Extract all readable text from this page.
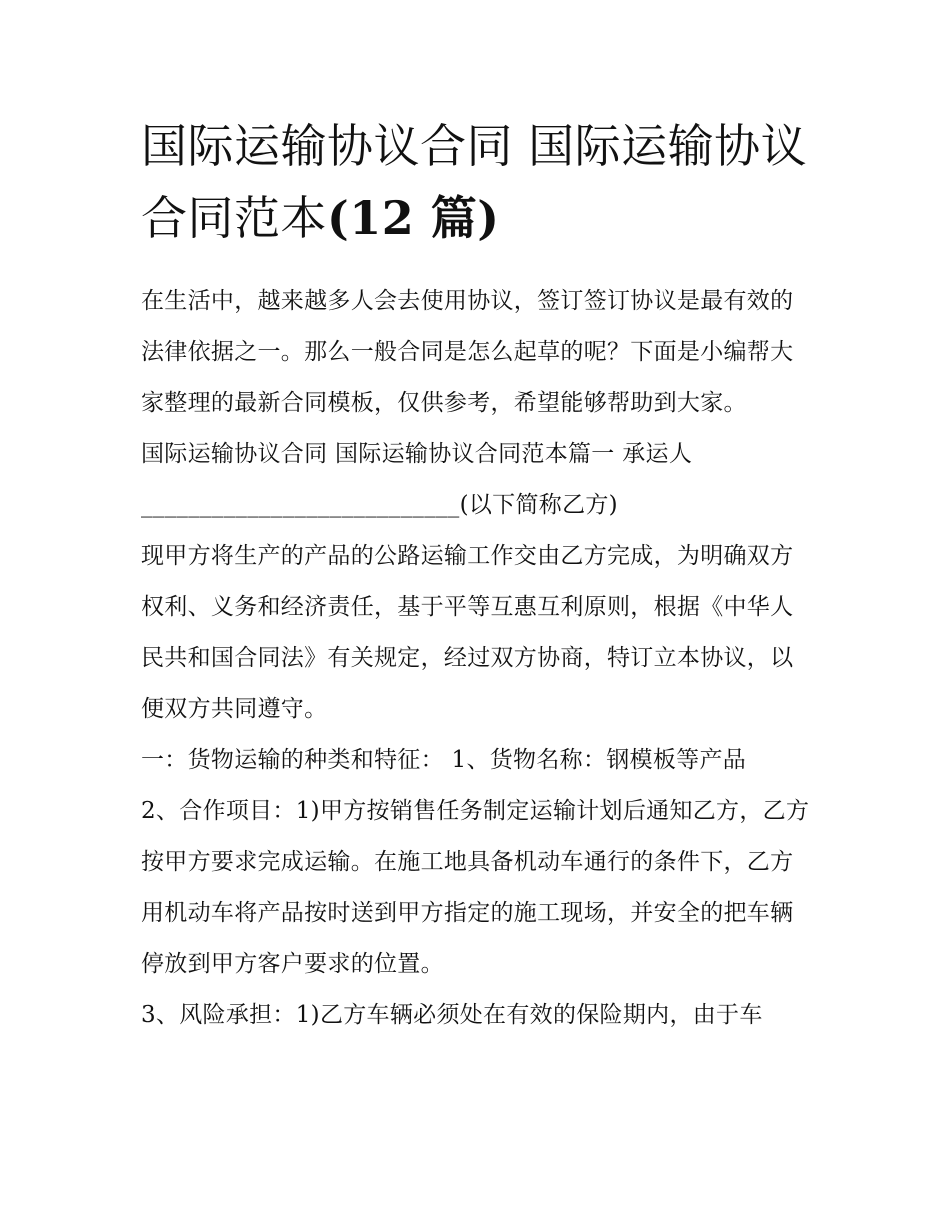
国际运输协议合同 国际运输协议合同范本(12 篇)

在生活中，越来越多人会去使用协议，签订签订协议是最有效的法律依据之一。那么一般合同是怎么起草的呢？下面是小编帮大家整理的最新合同模板，仅供参考，希望能够帮助到大家。

国际运输协议合同 国际运输协议合同范本篇一 承运人

___________________________(以下简称乙方)

现甲方将生产的产品的公路运输工作交由乙方完成，为明确双方权利、义务和经济责任，基于平等互惠互利原则，根据《中华人民共和国合同法》有关规定，经过双方协商，特订立本协议，以便双方共同遵守。

一：货物运输的种类和特征： 1、货物名称：钢模板等产品

2、合作项目：1)甲方按销售任务制定运输计划后通知乙方，乙方按甲方要求完成运输。在施工地具备机动车通行的条件下，乙方用机动车将产品按时送到甲方指定的施工现场，并安全的把车辆停放到甲方客户要求的位置。

3、风险承担：1)乙方车辆必须处在有效的保险期内，由于车
